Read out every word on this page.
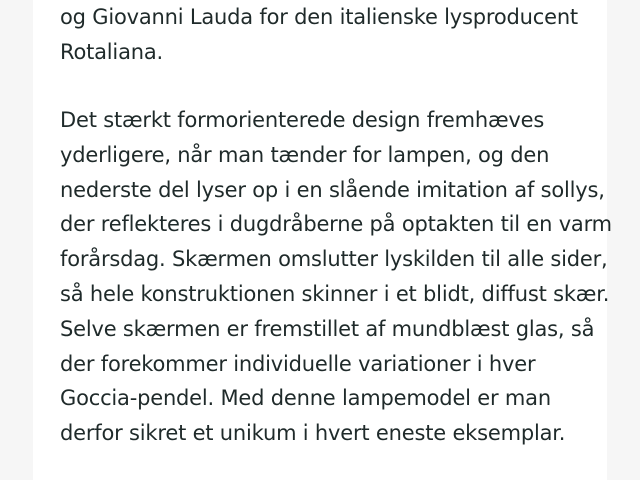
og Giovanni Lauda for den italienske lysproducent
Rotaliana.

Det stærkt formorienterede design fremhæves
yderligere, når man tænder for lampen, og den
nederste del lyser op i en slående imitation af sollys,
der reflekteres i dugdråberne på optakten til en varm
forårsdag. Skærmen omslutter lyskilden til alle sider,
så hele konstruktionen skinner i et blidt, diffust skær.
Selve skærmen er fremstillet af mundblæst glas, så
der forekommer individuelle variationer i hver
Goccia-pendel. Med denne lampemodel er man
derfor sikret et unikum i hvert eneste eksemplar.
